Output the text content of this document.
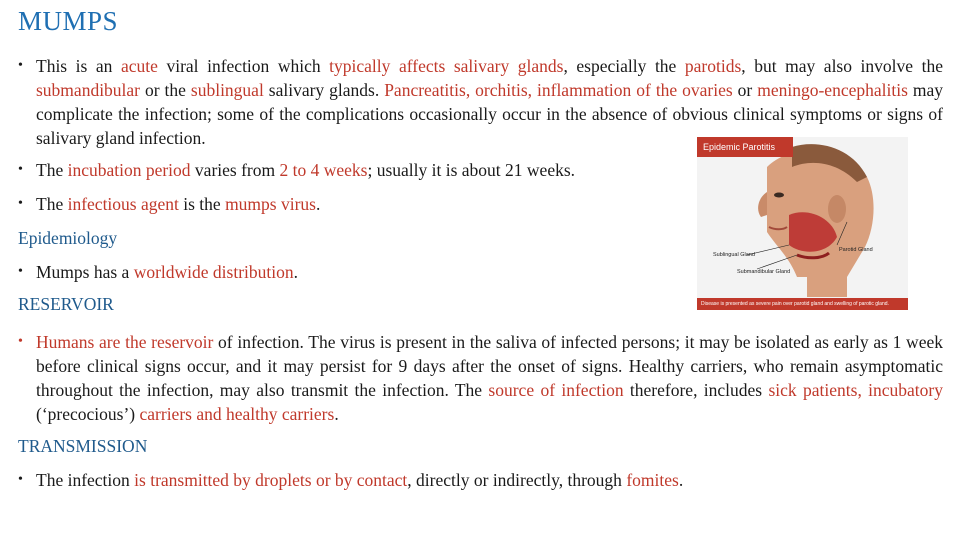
MUMPS
• This is an acute viral infection which typically affects salivary glands, especially the parotids, but may also involve the submandibular or the sublingual salivary glands. Pancreatitis, orchitis, inflammation of the ovaries or meningo-encephalitis may complicate the infection; some of the complications occasionally occur in the absence of obvious clinical symptoms or signs of salivary gland infection.
• The incubation period varies from 2 to 4 weeks; usually it is about 21 weeks.
• The infectious agent is the mumps virus.
Epidemiology
• Mumps has a worldwide distribution.
RESERVOIR
• Humans are the reservoir of infection. The virus is present in the saliva of infected persons; it may be isolated as early as 1 week before clinical signs occur, and it may persist for 9 days after the onset of signs. Healthy carriers, who remain asymptomatic throughout the infection, may also transmit the infection. The source of infection therefore, includes sick patients, incubatory (‘precocious’) carriers and healthy carriers.
TRANSMISSION
• The infection is transmitted by droplets or by contact, directly or indirectly, through fomites.
Epidemic Parotitis
Parotid Gland
Sublingual Gland
Submandibular Gland
Disease is presented as severe pain over parotid gland and swelling of parotic gland.
